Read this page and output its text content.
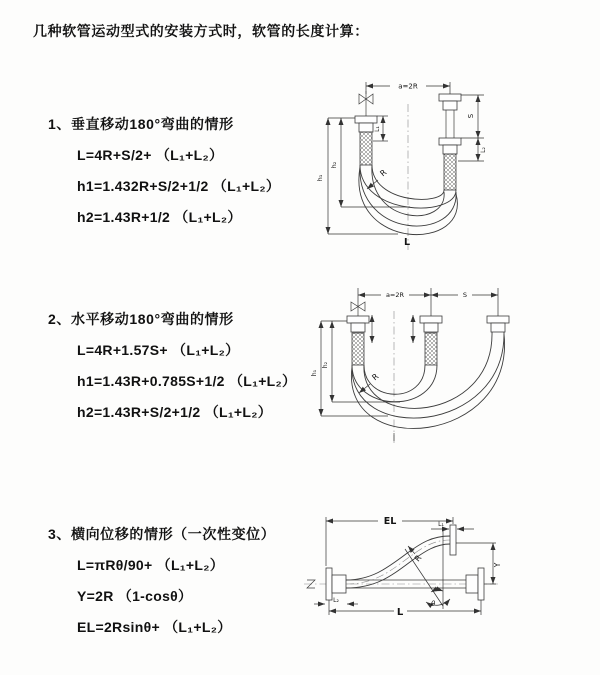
几种软管运动型式的安装方式时，软管的长度计算：
1、垂直移动180°弯曲的情形
L=4R+S/2+ （L₁+L₂）
h1=1.432R+S/2+1/2 （L₁+L₂）
h2=1.43R+1/2 （L₁+L₂）
2、水平移动180°弯曲的情形
L=4R+1.57S+ （L₁+L₂）
h1=1.43R+0.785S+1/2 （L₁+L₂）
h2=1.43R+S/2+1/2 （L₁+L₂）
3、横向位移的情形（一次性变位）
L=πRθ/90+ （L₁+L₂）
Y=2R （1-cosθ）
EL=2Rsinθ+ （L₁+L₂）
a=2R
h₁
h₂
L₁
S
L₂
R
L
a=2R	S
h₁
h₂
R
EL	L₁
θ
R
Y
L
L₂
